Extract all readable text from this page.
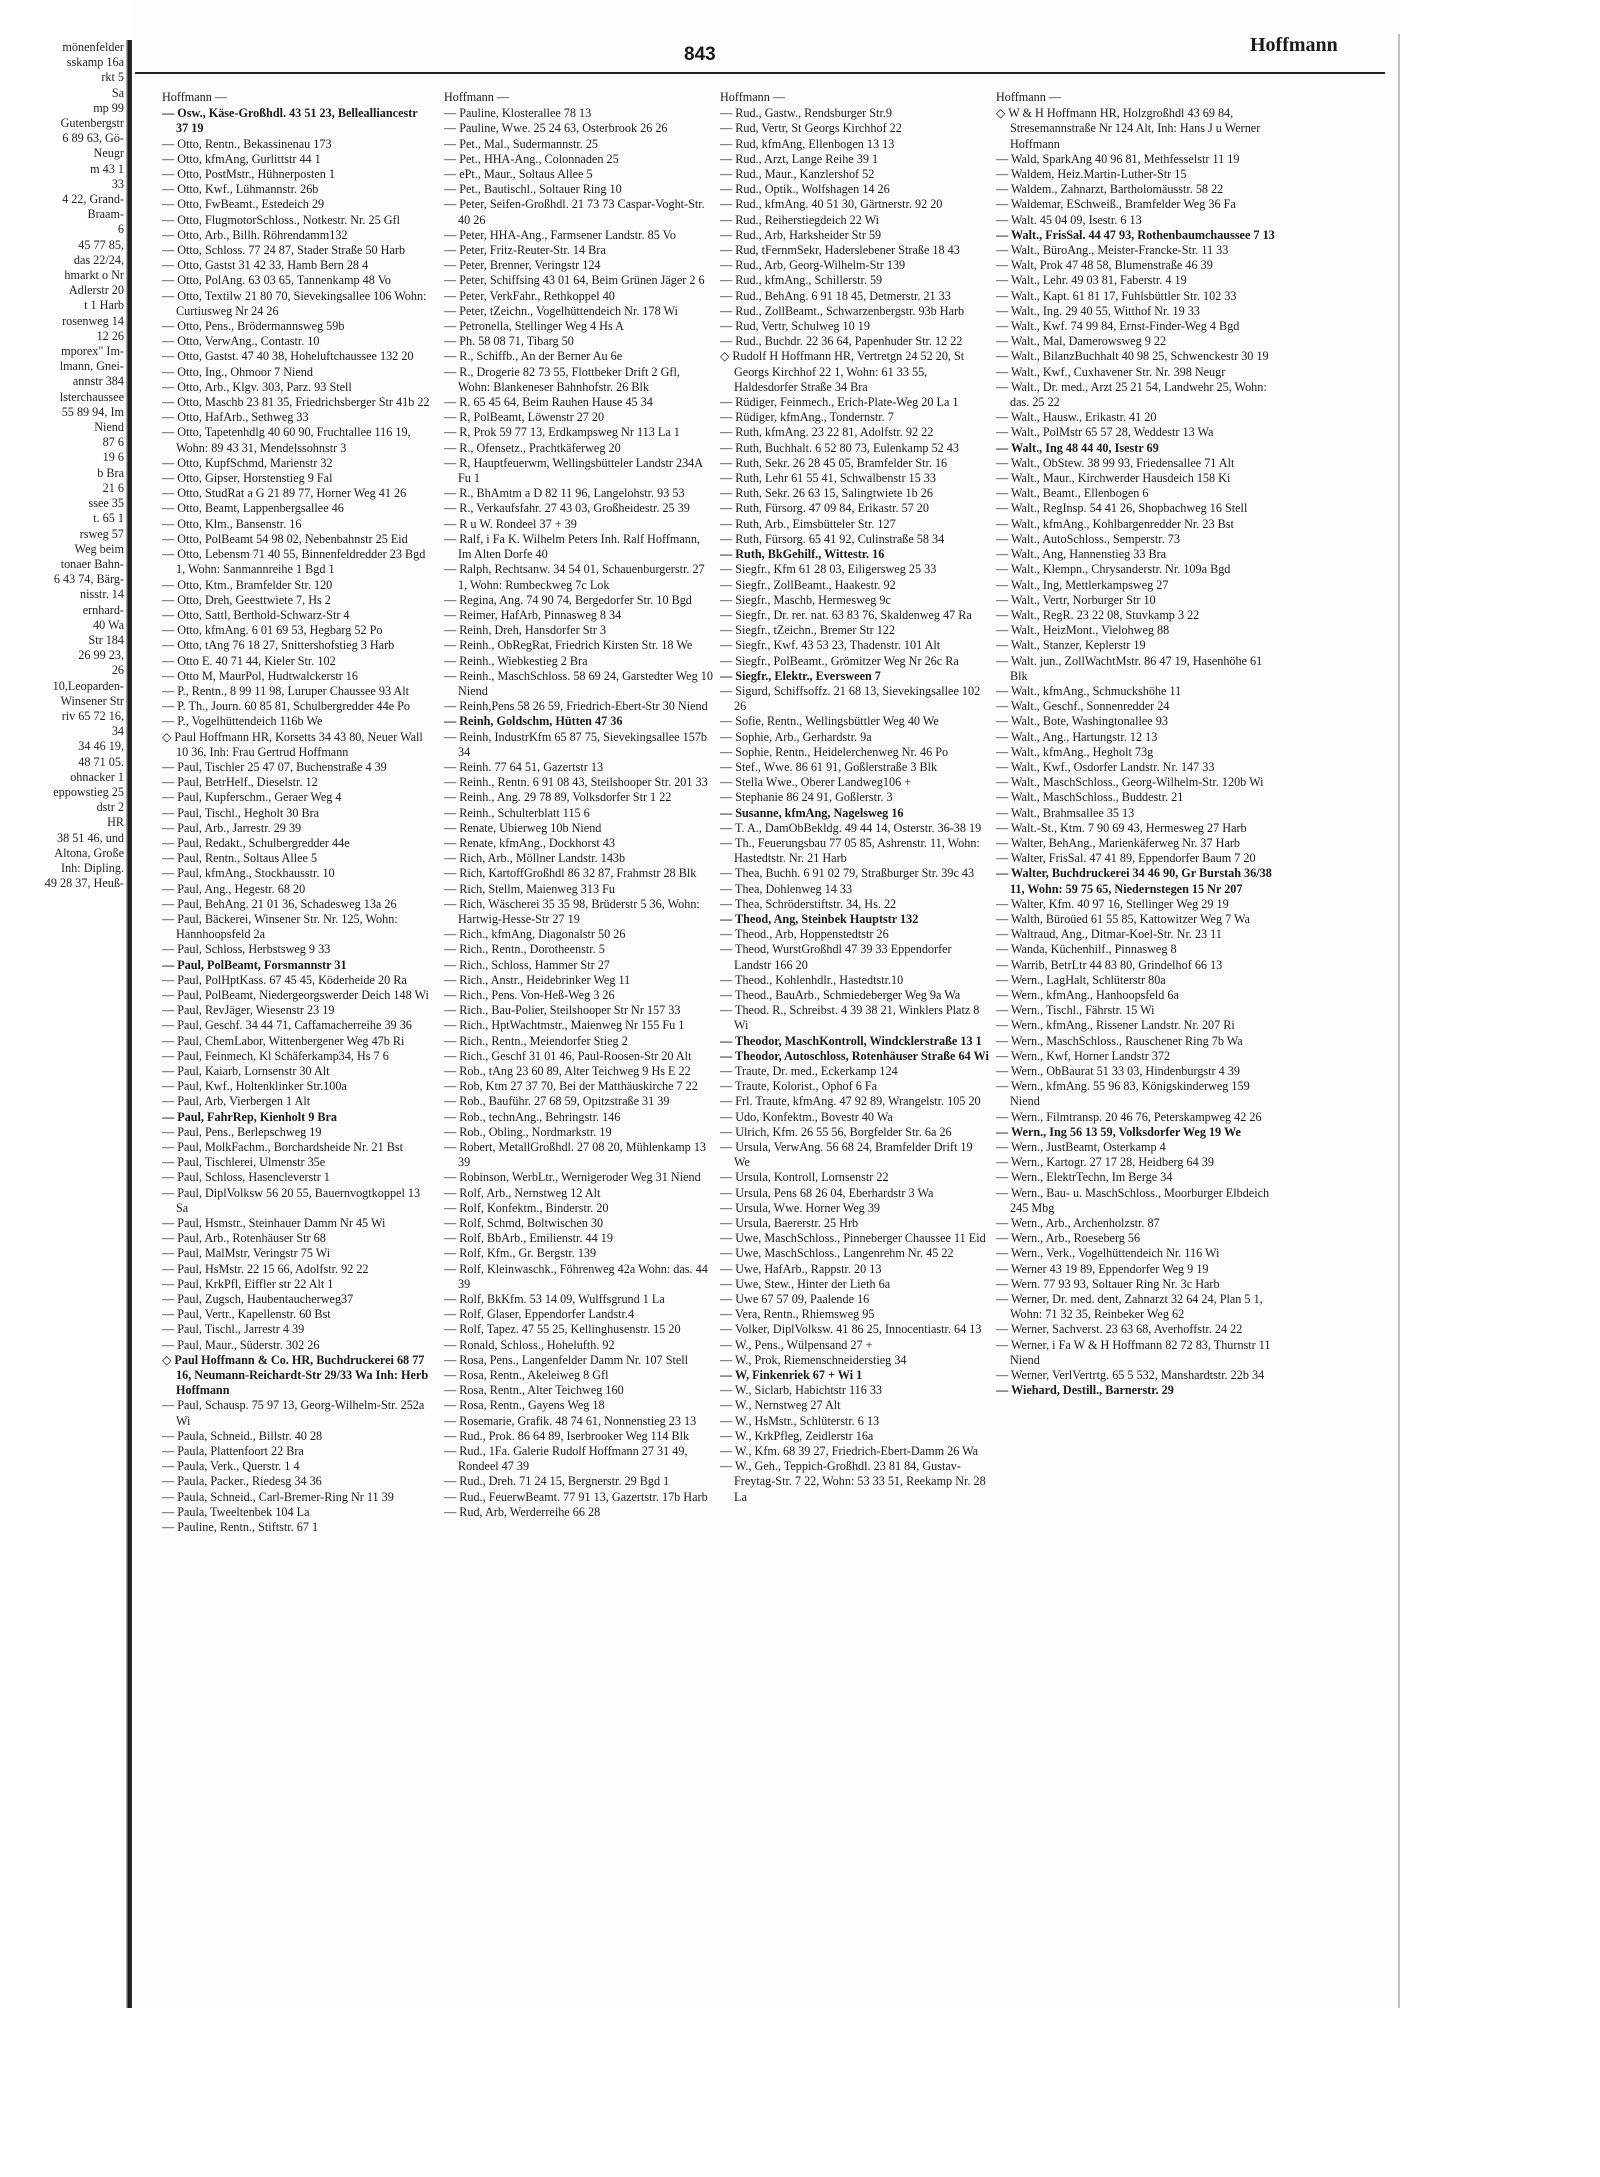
mönenfelder
sskamp 16a
rkt 5
Sa
mp 99
Gutenbergstr
6 89 63, Gö-
Neugr
m 43 1
33
4 22, Grand-
Braam-
6
45 77 85,
das 22/24,
hmarkt o Nr
Adlerstr 20
t 1 Harb
rosenweg 14
12 26
mporex" Im-
lmann, Gnei-
annstr 384
lsterchaussee
55 89 94, Im
Niend
87 6
19 6
b Bra
21 6
sseе 35
t. 65 1
rsweg 57
Weg beim
tonaer Bahn-
6 43 74, Bärg-
nisstr. 14
ernhard-
40 Wa
Str 184
26 99 23,
26
10,Leopardеn-
Winsener Str
riv 65 72 16,
34
34 46 19,
48 71 05.
ohnacker 1
eppowstieg 25
dstr 2
HR
38 51 46, und
Altona, Große
Inh: Dipling.
49 28 37, Heuß-
843	Hoffmann
Hoffmann —
— Osw., Käse-Großhdl. 43 51 23, Belleallianсestr 37 19
— Otto, Rentn., Bekassinenau 173
— Otto, kfmAng, Gurlittstr 44 1
— Otto, PostMstr., Hühnerposten 1
— Otto, Kwf., Lühmannstr. 26b
— Otto, FwBeamt., Estedeich 29
— Otto, FlugmotorSchloss., Notkestr. Nr. 25 Gfl
— Otto, Arb., Billh. Röhrendamm132
— Otto, Schloss. 77 24 87, Stader Straße 50 Harb
— Otto, Gastst 31 42 33, Hamb Bern 28 4
— Otto, PolAng. 63 03 65, Tannenkamp 48 Vo
— Otto, Textilw 21 80 70, Sievekingsallee 106 Wohn: Curtiusweg Nr 24 26
— Otto, Pens., Brödermannsweg 59b
— Otto, VerwAng., Contastr. 10
— Otto, Gastst. 47 40 38, Hoheluftchaussee 132 20
— Otto, Ing., Ohmoor 7 Niend
— Otto, Arb., Klgv. 303, Parz. 93 Stell
— Otto, Maschb 23 81 35, Friedrichsberger Str 41b 22
— Otto, HafArb., Sethweg 33
— Otto, Tapetenhdlg 40 60 90, Fruchtallee 116 19, Wohn: 89 43 31, Mendelssohnstr 3
— Otto, KupfSchmd, Mariеnstr 32
— Otto, Gipser, Horstenstieg 9 Fal
— Otto, StudRat a G 21 89 77, Horner Weg 41 26
— Otto, Beamt, Lappenbergsallee 46
— Otto, Klm., Bansenstr. 16
— Otto, PolBeamt 54 98 02, Nebenbahnstr 25 Eid
— Otto, Lebensm 71 40 55, Binnenfeldredder 23 Bgd 1, Wohn: Sanmannreihe 1 Bgd 1
— Otto, Ktm., Bramfelder Str. 120
— Otto, Dreh, Geesttwiete 7, Hs 2
— Otto, Sattl, Berthold-Schwarz-Str 4
— Otto, kfmAng. 6 01 69 53, Hegbarg 52 Po
— Otto, tAng 76 18 27, Snittershofstieg 3 Harb
— Otto E. 40 71 44, Kieler Str. 102
— Otto M, MaurPol, Hudtwalckerstr 16
— P., Rentn., 8 99 11 98, Luruper Chaussee 93 Alt
— P. Th., Journ. 60 85 81, Schulbergredder 44e Po
— P., Vogelhüttendeich 116b We
◇ Paul Hoffmann HR, Korsetts 34 43 80, Neuer Wall 10 36, Inh: Frau Gertrud Hoffmann
— Paul, Tischler 25 47 07, Buchenstraße 4 39
— Paul, BetrHelf., Dieselstr. 12
— Paul, Kupferschm., Geraer Weg 4
— Paul, Tischl., Hegholt 30 Bra
— Paul, Arb., Jarrestr. 29 39
— Paul, Redakt., Schulbergredder 44e
— Paul, Rentn., Soltaus Allee 5
— Paul, kfmAng., Stockhausstr. 10
— Paul, Ang., Hegestr. 68 20
— Paul, BehAng. 21 01 36, Schadesweg 13a 26
— Paul, Bäckerei, Winsener Str. Nr. 125, Wohn: Hannhoopsfeld 2a
— Paul, Schloss, Herbstsweg 9 33
— Paul, PolBeamt, Forsmannstr 31
— Paul, PolHptKass. 67 45 45, Köderheide 20 Ra
— Paul, PolBeamt, Niedergeorgswerder Deich 148 Wi
— Paul, RevJäger, Wiesenstr 23 19
— Paul, Geschf. 34 44 71, Caffamacherreihe 39 36
— Paul, ChemLabor, Wittenbergener Weg 47b Ri
— Paul, Feinmech, Kl Schäferkamp34, Hs 7 6
— Paul, Kaiarb, Lornsenstr 30 Alt
— Paul, Kwf., Holtenklinker Str.100a
— Paul, Arb, Vierbergen 1 Alt
— Paul, FahrRep, Kienholt 9 Bra
— Paul, Pens., Berlepschweg 19
— Paul, MolkFachm., Borchardsheide Nr. 21 Bst
— Paul, Tischlerei, Ulmenstr 35e
— Paul, Schloss, Hasencleverstr 1
— Paul, DiplVolksw 56 20 55, Bauernvogtkoppel 13 Sa
— Paul, Hsmstr., Steinhauer Damm Nr 45 Wi
— Paul, Arb., Rotenhäuser Str 68
— Paul, MalMstr, Veringstr 75 Wi
— Paul, HsMstr. 22 15 66, Adolfstr. 92 22
— Paul, KrkPfl, Eiffler str 22 Alt 1
— Paul, Zugsch, Haubentaucherweg37
— Paul, Vertr., Kapellenstr. 60 Bst
— Paul, Tischl., Jarrestr 4 39
— Paul, Maur., Süderstr. 302 26
◇ Paul Hoffmann & Co. HR, Buchdruckerei 68 77 16, Neumann-Reichardt-Str 29/33 Wa Inh: Herb Hoffmann
— Paul, Schausp. 75 97 13, Georg-Wilhelm-Str. 252a Wi
— Paula, Schneid., Billstr. 40 28
— Paula, Plattenfoort 22 Bra
— Paula, Verk., Querstr. 1 4
— Paula, Packer., Riedesg 34 36
— Paula, Schneid., Carl-Bremer-Ring Nr 11 39
— Paula, Tweeltenbek 104 La
— Pauline, Rentn., Stiftstr. 67 1
Hoffmann —
— Pauline, Klosterallee 78 13
— Pauline, Wwe. 25 24 63, Osterbrook 26 26
— Pet., Mal., Sudermannstr. 25
— Pet., HHA-Ang., Colonnaden 25
— ePt., Maur., Soltaus Allee 5
— Pet., Bautischl., Soltauer Ring 10
— Peter, Seifen-Großhdl. 21 73 73 Caspar-Voght-Str. 40 26
— Peter, HHA-Ang., Farmsener Landstr. 85 Vo
— Peter, Fritz-Reuter-Str. 14 Bra
— Peter, Brenner, Veringstr 124
— Peter, Schiffsing 43 01 64, Beim Grünen Jäger 2 6
— Peter, VerkFahr., Rethkoppel 40
— Peter, tZeichn., Vogelhüttendeich Nr. 178 Wi
— Petronella, Stellinger Weg 4 Hs A
— Ph. 58 08 71, Tibarg 50
— R., Schiffb., An der Berner Au 6e
— R., Drogerie 82 73 55, Flottbeker Drift 2 Gfl, Wohn: Blankeneser Bahnhofstr. 26 Blk
— R. 65 45 64, Beim Rauhen Hause 45 34
— R, PolBeamt, Löwenstr 27 20
— R, Prok 59 77 13, Erdkampsweg Nr 113 La 1
— R., Ofensetz., Prachtkäferweg 20
— R, Hauptfeuerwm, Wellingsbütteler Landstr 234A Fu 1
— R., BhAmtm a D 82 11 96, Langelohstr. 93 53
— R., Verkaufsfahr. 27 43 03, Großheidestr. 25 39
— R u W. Rondeel 37 + 39
— Ralf, i Fa K. Wilhelm Peters Inh. Ralf Hoffmann, Im Alten Dorfe 40
— Ralph, Rechtsanw. 34 54 01, Schauenburgerstr. 27 1, Wohn: Rumbeckweg 7c Lok
— Regina, Ang. 74 90 74, Bergedorfer Str. 10 Bgd
— Reimer, HafArb, Pinnasweg 8 34
— Reinh, Dreh, Hansdorfer Str 3
— Reinh., ObRegRat, Friedrich Kirsten Str. 18 We
— Reinh., Wiebkestieg 2 Bra
— Reinh., MaschSchloss. 58 69 24, Garstedter Weg 10 Niend
— Reinh,Pens 58 26 59, Friedrich-Ebert-Str 30 Niend
— Reinh, Goldschm, Hütten 47 36
— Reinh, IndustrKfm 65 87 75, Sievekingsallee 157b 34
— Reinh. 77 64 51, Gazertstr 13
— Reinh., Rentn. 6 91 08 43, Steilshooper Str. 201 33
— Reinh., Ang. 29 78 89, Volksdorfer Str 1 22
— Reinh., Schulterblatt 115 6
— Renate, Ubierweg 10b Niend
— Renate, kfmAng., Dockhorst 43
— Rich, Arb., Möllner Landstr. 143b
— Rich, KartoffGroßhdl 86 32 87, Frahmstr 28 Blk
— Rich, Stellm, Maienweg 313 Fu
— Rich, Wäscherei 35 35 98, Brüderstr 5 36, Wohn: Hartwig-Hesse-Str 27 19
— Rich., kfmAng, Diagonalstr 50 26
— Rich., Rentn., Dorotheenstr. 5
— Rich., Schloss, Hammer Str 27
— Rich., Anstr., Heidebrinker Weg 11
— Rich., Pens. Von-Heß-Weg 3 26
— Rich., Bau-Polier, Steilshooper Str Nr 157 33
— Rich., HptWachtmstr., Maienweg Nr 155 Fu 1
— Rich., Rentn., Meiendorfer Stieg 2
— Rich., Geschf 31 01 46, Paul-Roosen-Str 20 Alt
— Rob., tAng 23 60 89, Alter Teichweg 9 Hs E 22
— Rob, Ktm 27 37 70, Bei der Matthäuskirche 7 22
— Rob., Bauführ. 27 68 59, Opitzstraße 31 39
— Rob., technAng., Behringstr. 146
— Rob., Obling., Nordmarkstr. 19
— Robert, MetallGroßhdl. 27 08 20, Mühlenkamp 13 39
— Robinson, WerbLtr., Wernigeroder Weg 31 Niend
— Rolf, Arb., Nernstweg 12 Alt
— Rolf, Konfektm., Binderstr. 20
— Rolf, Schmd, Boltwischen 30
— Rolf, BbArb., Emilienstr. 44 19
— Rolf, Kfm., Gr. Bergstr. 139
— Rolf, Kleinwaschk., Föhrenweg 42a Wohn: das. 44 39
— Rolf, BkKfm. 53 14 09, Wulffsgrund 1 La
— Rolf, Glaser, Eppendorfer Landstr.4
— Rolf, Tapez. 47 55 25, Kellinghusenstr. 15 20
— Ronald, Schloss., Hohelufth. 92
— Rosa, Pens., Langenfelder Damm Nr. 107 Stell
— Rosa, Rentn., Akeleiweg 8 Gfl
— Rosa, Rentn., Alter Teichweg 160
— Rosa, Rentn., Gayens Weg 18
— Rosemarie, Grafik. 48 74 61, Nonnenstieg 23 13
— Rud., Prok. 86 64 89, Iserbrooker Weg 114 Blk
— Rud., 1Fa. Galerie Rudolf Hoffmann 27 31 49, Rondeel 47 39
— Rud., Dreh. 71 24 15, Bergnerstr. 29 Bgd 1
— Rud., FeuerwBeamt. 77 91 13, Gazertstr. 17b Harb
— Rud, Arb, Werderreihe 66 28
Hoffmann —
— Rud., Gastw., Rendsburger Str.9
— Rud, Vertr, St Georgs Kirchhof 22
— Rud, kfmAng, Ellenbogen 13 13
— Rud., Arzt, Lange Reihe 39 1
— Rud., Maur., Kanzlershof 52
— Rud., Optik., Wolfshagen 14 26
— Rud., kfmAng. 40 51 30, Gärtnerstr. 92 20
— Rud., Reiherstiegdeich 22 Wi
— Rud., Arb, Harksheider Str 59
— Rud, tFernmSekr, Haderslebener Straße 18 43
— Rud., Arb, Georg-Wilhelm-Str 139
— Rud., kfmAng., Schillerstr. 59
— Rud., BehAng. 6 91 18 45, Detmerstr. 21 33
— Rud., ZollBeamt., Schwarzenbergstr. 93b Harb
— Rud, Vertr, Schulweg 10 19
— Rud., Buchdr. 22 36 64, Papenhuder Str. 12 22
◇ Rudolf H Hoffmann HR, Vertretgn 24 52 20, St Georgs Kirchhof 22 1, Wohn: 61 33 55, Haldesdorfer Straße 34 Bra
— Rüdiger, Feinmech., Erich-Plate-Weg 20 La 1
— Rüdiger, kfmAng., Tondernstr. 7
— Ruth, kfmAng. 23 22 81, Adolfstr. 92 22
— Ruth, Buchhalt. 6 52 80 73, Eulenkamp 52 43
— Ruth, Sekr. 26 28 45 05, Bramfelder Str. 16
— Ruth, Lehr 61 55 41, Schwalbenstr 15 33
— Ruth, Sekr. 26 63 15, Salingtwiete 1b 26
— Ruth, Fürsorg. 47 09 84, Erikastr. 57 20
— Ruth, Arb., Eimsbütteler Str. 127
— Ruth, Fürsorg. 65 41 92, Culinstraße 58 34
— Ruth, BkGehilf., Wittestr. 16
— Siegfr., Kfm 61 28 03, Eiligersweg 25 33
— Siegfr., ZollBeamt., Haakestr. 92
— Siegfr., Maschb, Hermesweg 9c
— Siegfr., Dr. rer. nat. 63 83 76, Skaldenweg 47 Ra
— Siegfr., tZeichn., Bremer Str 122
— Siegfr., Kwf. 43 53 23, Thadenstr. 101 Alt
— Siegfr., PolBeamt., Grömitzer Weg Nr 26c Ra
— Siegfr., Elektr., Eversween 7
— Sigurd, Schiffsoffz. 21 68 13, Sievekingsallee 102 26
— Sofie, Rentn., Wellingsbüttler Weg 40 We
— Sophie, Arb., Gerhardstr. 9a
— Sophie, Rentn., Heidelerchenweg Nr. 46 Po
— Stef., Wwe. 86 61 91, Goßlerstraße 3 Blk
— Stella Wwe., Oberer Landweg106 +
— Stephanie 86 24 91, Goßlerstr. 3
— Susanne, kfmAng, Nagelsweg 16
— T. A., DamObBekldg. 49 44 14, Osterstr. 36-38 19
— Th., Feuerungsbau 77 05 85, Ashrenstr. 11, Wohn: Hastedtstr. Nr. 21 Harb
— Thea, Buchh. 6 91 02 79, Straßburger Str. 39c 43
— Thea, Dohlenweg 14 33
— Thea, Schröderstiftstr. 34, Hs. 22
— Theod, Ang, Steinbek Hauptstr 132
— Theod., Arb, Hoppenstedtstr 26
— Theod, WurstGroßhdl 47 39 33 Eppendorfer Landstr 166 20
— Theod., Kohlenhdlr., Hastedtstr.10
— Theod., BauArb., Schmiedeberger Weg 9a Wa
— Theod. R., Schreibst. 4 39 38 21, Winklers Platz 8 Wi
— Theodor, MaschKontroll, Windcklerstraße 13 1
— Theodor, Autoschloss, Rotenhäuser Straße 64 Wi
— Traute, Dr. med., Eckerkamp 124
— Traute, Kolorist., Ophof 6 Fa
— Frl. Traute, kfmAng. 47 92 89, Wrangelstr. 105 20
— Udo, Konfektm., Bovestr 40 Wa
— Ulrich, Kfm. 26 55 56, Borgfelder Str. 6a 26
— Ursula, VerwAng. 56 68 24, Bramfelder Drift 19 We
— Ursula, Kontroll, Lornsenstr 22
— Ursula, Pens 68 26 04, Eberhardstr 3 Wa
— Ursula, Wwe. Horner Weg 39
— Ursula, Baererstr. 25 Hrb
— Uwe, MaschSchloss., Pinneberger Chaussee 11 Eid
— Uwe, MaschSchloss., Langenrehm Nr. 45 22
— Uwe, HafArb., Rappstr. 20 13
— Uwe, Stew., Hinter der Lieth 6a
— Uwe 67 57 09, Paalende 16
— Vera, Rentn., Rhiemsweg 95
— Volker, DiplVolksw. 41 86 25, Innocentiastr. 64 13
— W., Pens., Wülpensand 27 +
— W., Prok, Riemenschneiderstieg 34
— W, Finkenriek 67 + Wi 1
— W., Siclarb, Habichtstr 116 33
— W., Nernstweg 27 Alt
— W., HsMstr., Schlüterstr. 6 13
— W., KrkPfleg, Zeidlerstr 16a
— W., Kfm. 68 39 27, Friedrich-Ebert-Damm 26 Wa
— W., Geh., Teppich-Großhdl. 23 81 84, Gustav-Freytag-Str. 7 22, Wohn: 53 33 51, Reekamp Nr. 28 La
Hoffmann —
◇ W & H Hoffmann HR, Holzgroßhdl 43 69 84, Stresemannstraße Nr 124 Alt, Inh: Hans J u Werner Hoffmann
— Wald, SparkAng 40 96 81, Methfesselstr 11 19
— Waldem, Heiz.Martin-Luther-Str 15
— Waldem., Zahnarzt, Bartholomäusstr. 58 22
— Waldemar, ESchweiß., Bramfelder Weg 36 Fa
— Walt. 45 04 09, Isestr. 6 13
— Walt., FrisSal. 44 47 93, Rothenbaumchaussee 7 13
— Walt., BüroAng., Meister-Francke-Str. 11 33
— Walt, Prok 47 48 58, Blumenstraße 46 39
— Walt., Lehr. 49 03 81, Faberstr. 4 19
— Walt., Kapt. 61 81 17, Fuhlsbüttler Str. 102 33
— Walt., Ing. 29 40 55, Witthof Nr. 19 33
— Walt., Kwf. 74 99 84, Ernst-Finder-Weg 4 Bgd
— Walt., Mal, Damerowsweg 9 22
— Walt., BilanzBuchhalt 40 98 25, Schwenckestr 30 19
— Walt., Kwf., Cuxhavener Str. Nr. 398 Neugr
— Walt., Dr. med., Arzt 25 21 54, Landwehr 25, Wohn: das. 25 22
— Walt., Hausw., Erikastr. 41 20
— Walt., PolMstr 65 57 28, Weddestr 13 Wa
— Walt., Ing 48 44 40, Isestr 69
— Walt., ObStew. 38 99 93, Friedensallee 71 Alt
— Walt., Maur., Kirchwerder Hausdeich 158 Ki
— Walt., Beamt., Ellenbogen 6
— Walt., RegInsp. 54 41 26, Shopbachweg 16 Stell
— Walt., kfmAng., Kohlbargenredder Nr. 23 Bst
— Walt., AutoSchloss., Semperstr. 73
— Walt., Ang, Hannenstieg 33 Bra
— Walt., Klempn., Chrysanderstr. Nr. 109a Bgd
— Walt., Ing, Mettlerkampsweg 27
— Walt., Vertr, Norburger Str 10
— Walt., RegR. 23 22 08, Stuvkamp 3 22
— Walt., HeizMont., Vielohweg 88
— Walt., Stanzer, Keplerstr 19
— Walt. jun., ZollWachtMstr. 86 47 19, Hasenhöhe 61 Blk
— Walt., kfmAng., Schmuckshöhe 11
— Walt., Geschf., Sonnenredder 24
— Walt., Bote, Washingtonallee 93
— Walt., Ang., Hartungstr. 12 13
— Walt., kfmAng., Hegholt 73g
— Walt., Kwf., Osdorfer Landstr. Nr. 147 33
— Walt., MaschSchloss., Georg-Wilhelm-Str. 120b Wi
— Walt., MaschSchloss., Buddestr. 21
— Walt., Brahmsallee 35 13
— Walt.-St., Ktm. 7 90 69 43, Hermesweg 27 Harb
— Walter, BehAng., Marienkäferweg Nr. 37 Harb
— Walter, FrisSal. 47 41 89, Eppendorfer Baum 7 20
— Walter, Buchdruckerei 34 46 90, Gr Burstah 36/38 11, Wohn: 59 75 65, Niedernstegen 15 Nr 207
— Walter, Kfm. 40 97 16, Stellinger Weg 29 19
— Walth, Büroüed 61 55 85, Kattowitzer Weg 7 Wa
— Waltraud, Ang., Ditmar-Koel-Str. Nr. 23 11
— Wanda, Küchenhilf., Pinnasweg 8
— Warrib, BetrLtr 44 83 80, Grindelhof 66 13
— Wern., LagHalt, Schlüterstr 80a
— Wern., kfmAng., Hanhoopsfeld 6a
— Wern., Tischl., Fährstr. 15 Wi
— Wern., kfmAng., Rissener Landstr. Nr. 207 Ri
— Wern., MaschSchloss., Rauschener Ring 7b Wa
— Wern., Kwf, Horner Landstr 372
— Wern., ObBaurat 51 33 03, Hindenburgstr 4 39
— Wern., kfmAng. 55 96 83, Königskinderweg 159 Niend
— Wern., Filmtransp. 20 46 76, Peterskampweg 42 26
— Wern., Ing 56 13 59, Volksdorfer Weg 19 We
— Wern., JustBeamt, Osterkamp 4
— Wern., Kartogr. 27 17 28, Heidberg 64 39
— Wern., ElektrTechn, Im Berge 34
— Wern., Bau- u. MaschSchloss., Moorburger Elbdeich 245 Mbg
— Wern., Arb., Archenholzstr. 87
— Wern., Arb., Roeseberg 56
— Wern., Verk., Vogelhüttendeich Nr. 116 Wi
— Werner 43 19 89, Eppendorfer Weg 9 19
— Wern. 77 93 93, Soltauer Ring Nr. 3c Harb
— Werner, Dr. med. dent, Zahnarzt 32 64 24, Plan 5 1, Wohn: 71 32 35, Reinbeker Weg 62
— Werner, Sachverst. 23 63 68, Averhoffstr. 24 22
— Werner, i Fa W & H Hoffmann 82 72 83, Thurnstr 11 Niend
— Werner, VerlVertrtg. 65 5 532, Manshardtstr. 22b 34
— Wiehard, Destill., Barnerstr. 29
